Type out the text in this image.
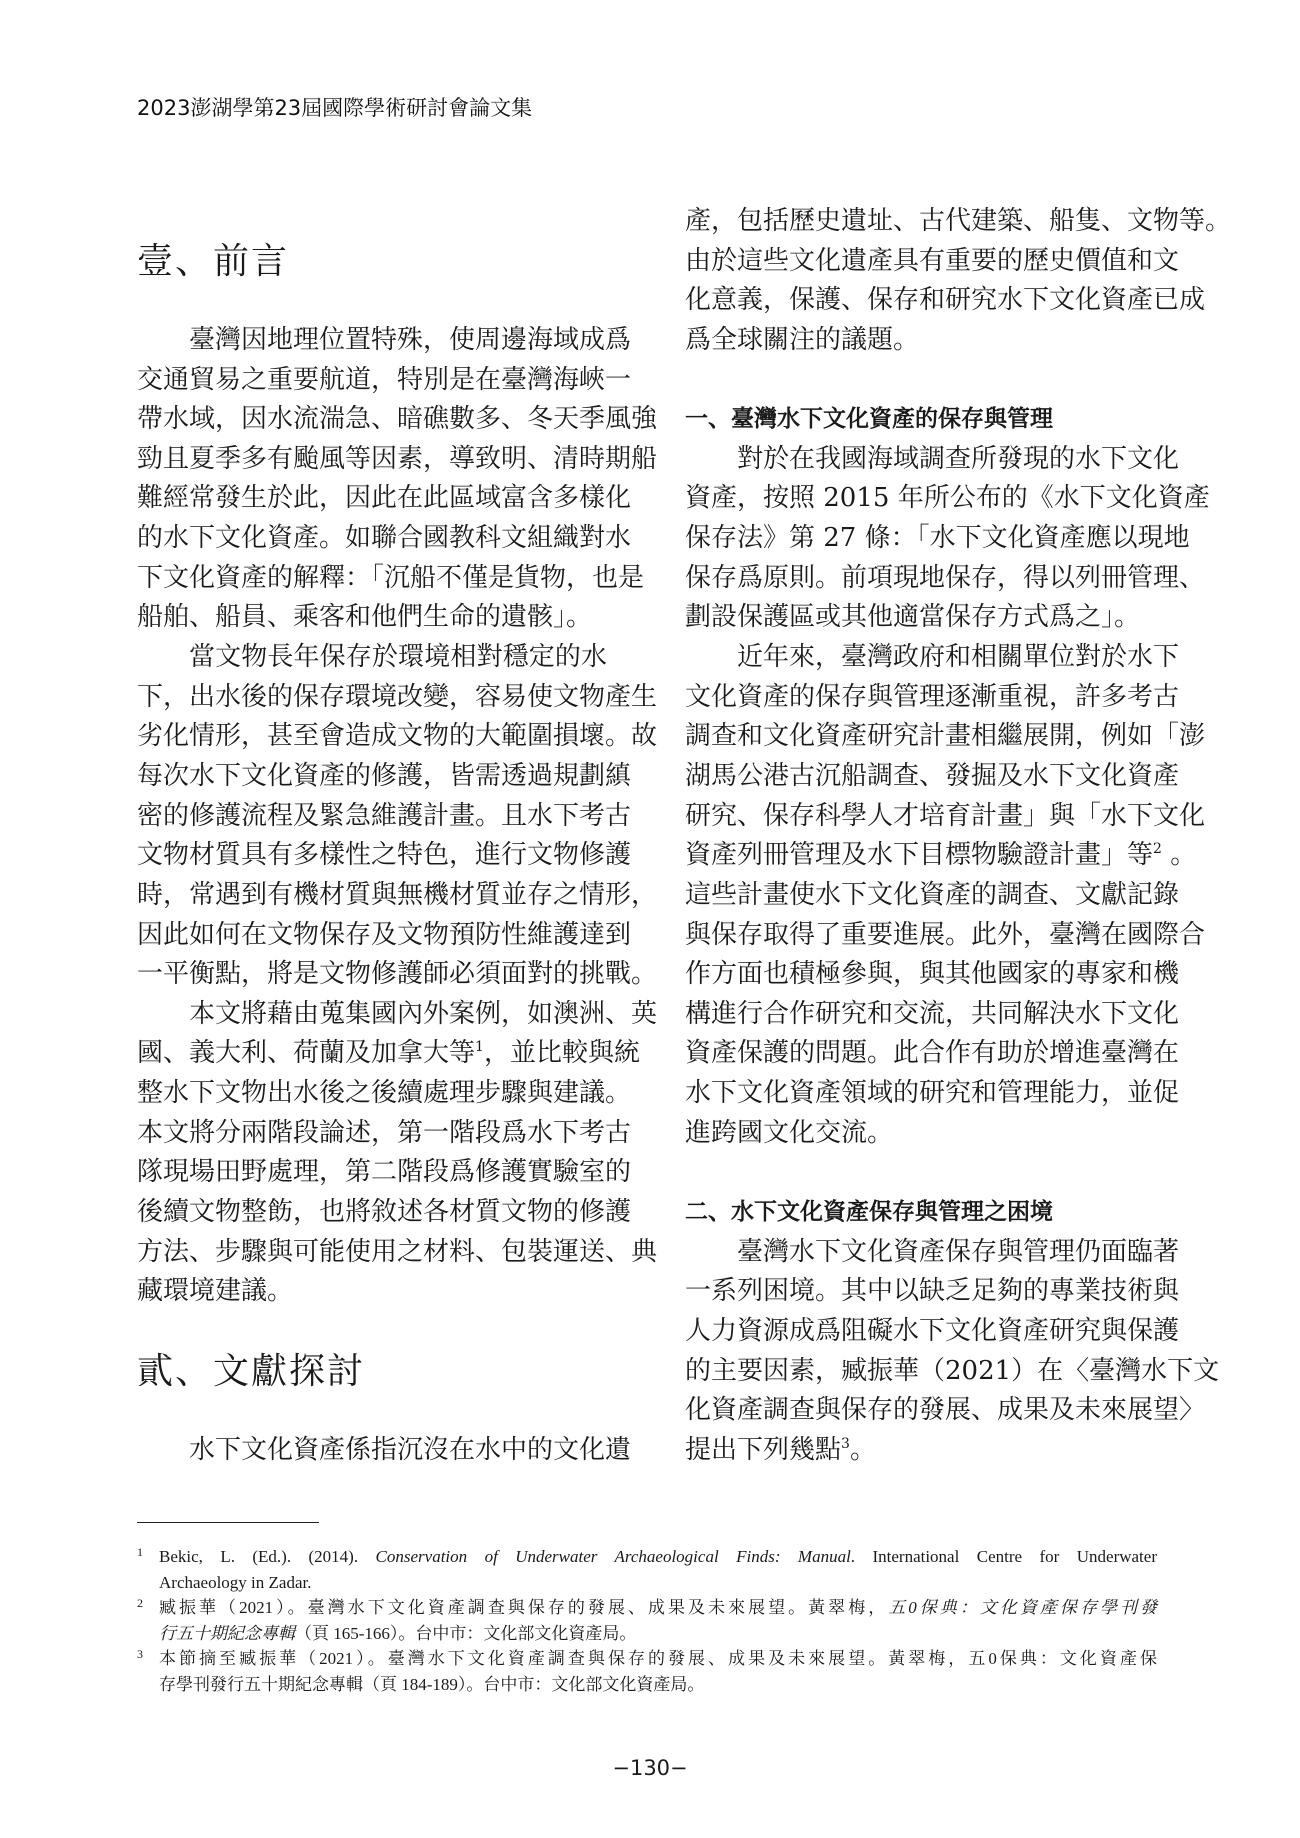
2023澎湖學第23屆國際學術研討會論文集
壹、前言
臺灣因地理位置特殊，使周邊海域成爲
交通貿易之重要航道，特別是在臺灣海峽一
帶水域，因水流湍急、暗礁數多、冬天季風強
勁且夏季多有颱風等因素，導致明、清時期船
難經常發生於此，因此在此區域富含多樣化
的水下文化資產。如聯合國教科文組織對水
下文化資產的解釋：「沉船不僅是貨物，也是
船舶、船員、乘客和他們生命的遺骸」。
當文物長年保存於環境相對穩定的水
下，出水後的保存環境改變，容易使文物產生
劣化情形，甚至會造成文物的大範圍損壞。故
每次水下文化資產的修護，皆需透過規劃縝
密的修護流程及緊急維護計畫。且水下考古
文物材質具有多樣性之特色，進行文物修護
時，常遇到有機材質與無機材質並存之情形，
因此如何在文物保存及文物預防性維護達到
一平衡點，將是文物修護師必須面對的挑戰。
本文將藉由蒐集國內外案例，如澳洲、英
國、義大利、荷蘭及加拿大等$^1$，並比較與統
整水下文物出水後之後續處理步驟與建議。
本文將分兩階段論述，第一階段爲水下考古
隊現場田野處理，第二階段爲修護實驗室的
後續文物整飭，也將敘述各材質文物的修護
方法、步驟與可能使用之材料、包裝運送、典
藏環境建議。
貳、文獻探討
水下文化資產係指沉沒在水中的文化遺
產，包括歷史遺址、古代建築、船隻、文物等。
由於這些文化遺產具有重要的歷史價值和文
化意義，保護、保存和研究水下文化資產已成
爲全球關注的議題。
一、臺灣水下文化資產的保存與管理
對於在我國海域調查所發現的水下文化
資產，按照 2015 年所公布的《水下文化資產
保存法》第 27 條：「水下文化資產應以現地
保存爲原則。前項現地保存，得以列冊管理、
劃設保護區或其他適當保存方式爲之」。
近年來，臺灣政府和相關單位對於水下
文化資產的保存與管理逐漸重視，許多考古
調查和文化資產研究計畫相繼展開，例如「澎
湖馬公港古沉船調查、發掘及水下文化資產
研究、保存科學人才培育計畫」與「水下文化
資產列冊管理及水下目標物驗證計畫」等$^2$ 。
這些計畫使水下文化資產的調查、文獻記錄
與保存取得了重要進展。此外，臺灣在國際合
作方面也積極參與，與其他國家的專家和機
構進行合作研究和交流，共同解決水下文化
資產保護的問題。此合作有助於增進臺灣在
水下文化資產領域的研究和管理能力，並促
進跨國文化交流。
二、水下文化資產保存與管理之困境
臺灣水下文化資產保存與管理仍面臨著
一系列困境。其中以缺乏足夠的專業技術與
人力資源成爲阻礙水下文化資產研究與保護
的主要因素，臧振華（2021）在〈臺灣水下文
化資產調查與保存的發展、成果及未來展望〉
提出下列幾點$^3$。
1 Bekic, L. (Ed.). (2014). Conservation of Underwater Archaeological Finds: Manual. International Centre for Underwater
Archaeology in Zadar.
2 臧振華（2021）。臺灣水下文化資產調查與保存的發展、成果及未來展望。黃翠梅，五0保典：文化資產保存學刊發
行五十期紀念專輯（頁 165-166）。台中市：文化部文化資產局。
3 本節摘至臧振華（2021）。臺灣水下文化資產調查與保存的發展、成果及未來展望。黃翠梅，五0保典：文化資產保
存學刊發行五十期紀念專輯（頁 184-189）。台中市：文化部文化資產局。
−130−
